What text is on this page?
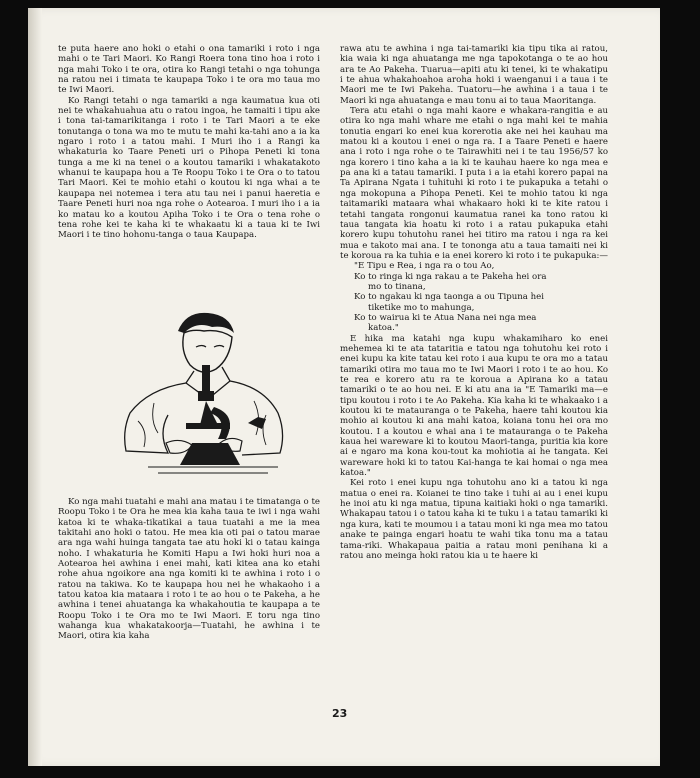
te puta haere ano hoki o etahi o ona tamariki i roto i nga mahi o te Tari Maori. Ko Rangi Roera tona tino hoa i roto i nga mahi Toko i te ora, otira ko Rangi tetahi o nga tohunga na ratou nei i timata te kaupapa Toko i te ora mo taua mo te Iwi Maori.

Ko Rangi tetahi o nga tamariki a nga kaumatua kua oti nei te whakahuahua atu o ratou ingoa, he tamaiti i tipu ake i tona tai-tamarikitanga i roto i te Tari Maori a te eke tonutanga o tona wa mo te mutu te mahi ka-tahi ano a ia ka ngaro i roto i a tatou mahi. I Muri iho i a Rangi ka whakaturia ko Taare Peneti uri o Pihopa Peneti ki tona tunga a me ki na tenei o a koutou tamariki i whakatakoto whanui te kaupapa hou a Te Roopu Toko i te Ora o to tatou Tari Maori. Kei te mohio etahi o koutou ki nga whai a te kaupapa nei notemea i tera atu tau nei i panui haeretia e Taare Peneti huri noa nga rohe o Aotearoa. I muri iho i a ia ko matau ko a koutou Apiha Toko i te Ora o tena rohe o tena rohe kei te kaha ki te whakaatu ki a taua ki te Iwi Maori i te tino hohonu-tanga o taua Kaupapa.

Ko nga mahi tuatahi e mahi ana matau i te timatanga o te Roopu Toko i te Ora he mea kia kaha taua te iwi i nga wahi katoa ki te whaka-tikatikai a taua tuatahi a me ia mea takitahi ano hoki o tatou. He mea kia oti pai o tatou marae ara nga wahi huinga tangata tae atu hoki ki o tatau kainga noho. I whakaturia he Komiti Hapu a Iwi hoki huri noa a Aotearoa hei awhina i enei mahi, kati kitea ana ko etahi rohe ahua ngoikore ana nga komiti ki te awhina i roto i o ratou na takiwa. Ko te kaupapa hou nei he whakaoho i a tatou katoa kia mataara i roto i te ao hou o te Pakeha, a he awhina i tenei ahuatanga ka whakahoutia te kaupapa a te Roopu Toko i te Ora mo te Iwi Maori. E toru nga tino wahanga kua whakatakoorja—Tuatahi, he awhina i te Maori, otira kia kaha

rawa atu te awhina i nga tai-tamariki kia tipu tika ai ratou, kia waia ki nga ahuatanga me nga tapokotanga o te ao hou ara te Ao Pakeha. Tuarua—apiti atu ki tenei, ki te whakatipu i te ahua whakahoahoa aroha hoki i waenganui i a taua i te Maori me te Iwi Pakeha. Tuatoru—he awhina i a taua i te Maori ki nga ahuatanga e mau tonu ai to taua Maoritanga.

Tera atu etahi o nga mahi kaore e whakara-rangitia e au otira ko nga mahi whare me etahi o nga mahi kei te mahia tonutia engari ko enei kua korerotia ake nei hei kauhau ma matou ki a koutou i enei o nga ra. I a Taare Peneti e haere ana i roto i nga rohe o te Tairawhiti nei i te tau 1956/57 ko nga korero i tino kaha a ia ki te kauhau haere ko nga mea e pa ana ki a tatau tamariki. I puta i a ia etahi korero papai na Ta Apirana Ngata i tuhituhi ki roto i te pukapuka a tetahi o nga mokopuna a Pihopa Peneti. Kei te mohio tatou ki nga taitamariki mataara whai whakaaro hoki ki te kite ratou i tetahi tangata rongonui kaumatua ranei ka tono ratou ki taua tangata kia hoatu ki roto i a ratau pukapuka etahi korero kupu tohutohu ranei hei titiro ma ratou i nga ra kei mua e takoto mai ana. I te tononga atu a taua tamaiti nei ki te koroua ra ka tuhia e ia enei korero ki roto i te pukapuka:—

"E Tipu e Rea, i nga ra o tou Ao,
Ko to ringa ki nga rakau a te Pakeha hei ora
mo to tinana,
Ko to ngakau ki nga taonga a ou Tipuna hei
tiketike mo to mahunga,
Ko to wairua ki te Atua Nana nei nga mea
katoa."

E hika ma katahi nga kupu whakamiharo ko enei mehemea ki te ata tataritia e tatou nga tohutohu kei roto i enei kupu ka kite tatau kei roto i aua kupu te ora mo a tatau tamariki otira mo taua mo te Iwi Maori i roto i te ao hou. Ko te rea e korero atu ra te koroua a Apirana ko a tatau tamariki o te ao hou nei. E ki atu ana ia "E Tamariki ma—e tipu koutou i roto i te Ao Pakeha. Kia kaha ki te whakaako i a koutou ki te matauranga o te Pakeha, haere tahi koutou kia mohio ai koutou ki ana mahi katoa, koiana tonu hei ora mo koutou. I a koutou e whai ana i te matauranga o te Pakeha kaua hei wareware ki to koutou Maori-tanga, puritia kia kore ai e ngaro ma kona kou-tout ka mohiotia ai he tangata. Kei wareware hoki ki to tatou Kai-hanga te kai homai o nga mea katoa."

Kei roto i enei kupu nga tohutohu ano ki a tatou ki nga matua o enei ra. Koianei te tino take i tuhi ai au i enei kupu he inoi atu ki nga matua, tipuna kaitiaki hoki o nga tamariki. Whakapau tatou i o tatou kaha ki te tuku i a tatau tamariki ki nga kura, kati te moumou i a tatau moni ki nga mea mo tatou anake te painga engari hoatu te wahi tika tonu ma a tatau tama-riki. Whakapaua paitia a ratau moni penihana ki a ratou ano meinga hoki ratou kia u te haere ki

23
